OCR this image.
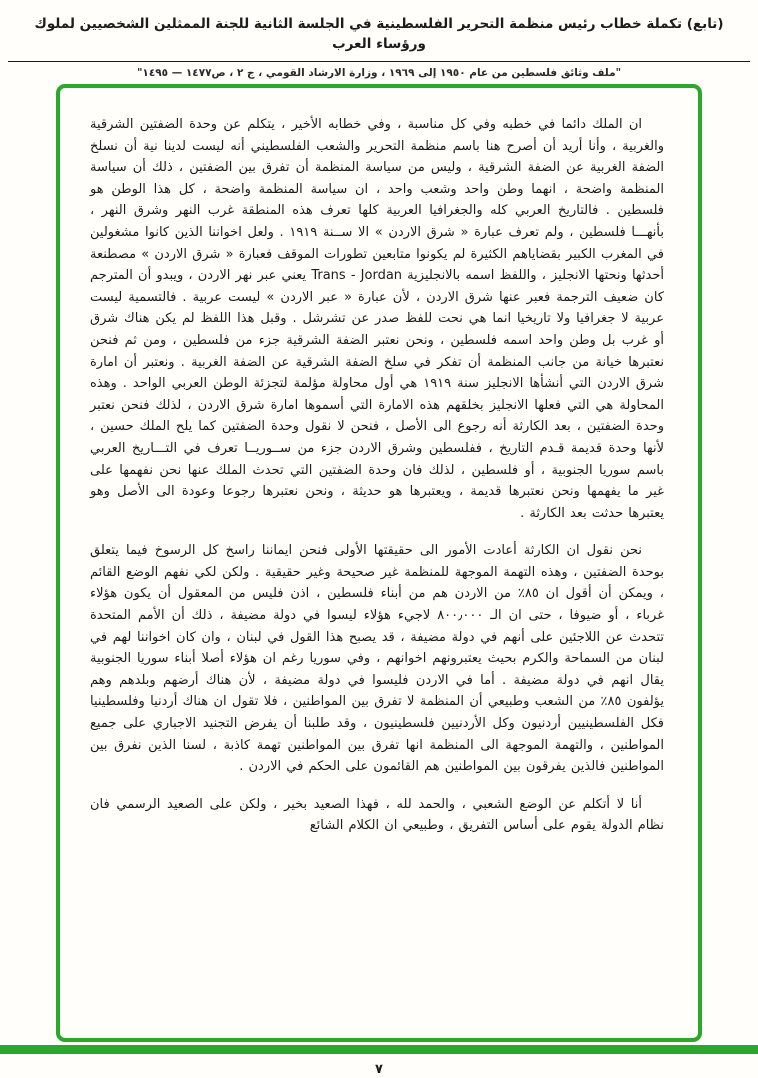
(تابع) تكملة خطاب رئيس منظمة التحرير الفلسطينية في الجلسة الثانية للجنة الممثلين الشخصيين لملوك ورؤساء العرب
"ملف وثائق فلسطين من عام ١٩٥٠ إلى ١٩٦٩ ، وزارة الارشاد القومي ، ج ٢ ، ص١٤٧٧ — ١٤٩٥"

ان الملك دائما في خطبه وفي كل مناسبة ، وفي خطابه الأخير ، يتكلم عن وحدة الضفتين الشرقية والغربية ، وأنا أريد أن أصرح هنا باسم منظمة التحرير والشعب الفلسطيني أنه ليست لدينا نية أن نسلخ الضفة الغربية عن الضفة الشرقية ، وليس من سياسة المنظمة أن تفرق بين الضفتين ، ذلك أن سياسة المنظمة واضحة ، انهما وطن واحد وشعب واحد ، ان سياسة المنظمة واضحة ، كل هذا الوطن هو فلسطين . فالتاريخ العربي كله والجغرافيا العربية كلها تعرف هذه المنطقة غرب النهر وشرق النهر ، بأنهـــا فلسطين ، ولم تعرف عبارة « شرق الاردن » الا ســنة ١٩١٩ . ولعل اخواننا الذين كانوا مشغولين في المغرب الكبير بقضاياهم الكثيرة لم يكونوا متابعين تطورات الموقف فعبارة « شرق الاردن » مصطنعة أحدثها ونحتها الانجليز ، واللفظ اسمه بالانجليزية Trans - Jordan يعني عبر نهر الاردن ، ويبدو أن المترجم كان ضعيف الترجمة فعبر عنها شرق الاردن ، لأن عبارة « عبر الاردن » ليست عربية . فالتسمية ليست عربية لا جغرافيا ولا تاريخيا انما هي نحت للفظ صدر عن تشرشل . وقبل هذا اللفظ لم يكن هناك شرق أو غرب بل وطن واحد اسمه فلسطين ، ونحن نعتبر الضفة الشرقية جزء من فلسطين ، ومن ثم فنحن نعتبرها خيانة من جانب المنظمة أن تفكر في سلخ الضفة الشرقية عن الضفة الغربية . ونعتبر أن امارة شرق الاردن التي أنشأها الانجليز سنة ١٩١٩ هي أول محاولة مؤلمة لتجزئة الوطن العربي الواحد . وهذه المحاولة هي التي فعلها الانجليز بخلقهم هذه الامارة التي أسموها امارة شرق الاردن ، لذلك فنحن نعتبر وحدة الضفتين ، بعد الكارثة أنه رجوع الى الأصل ، فنحن لا نقول وحدة الضفتين كما يلح الملك حسين ، لأنها وحدة قديمة قـدم التاريخ ، ففلسطين وشرق الاردن جزء من ســوريــا تعرف في التـــاريخ العربي باسم سوريا الجنوبية ، أو فلسطين ، لذلك فان وحدة الضفتين التي تحدث الملك عنها نحن نفهمها على غير ما يفهمها ونحن نعتبرها قديمة ، ويعتبرها هو حديثة ، ونحن نعتبرها رجوعا وعودة الى الأصل وهو يعتبرها حدثت بعد الكارثة .

نحن نقول ان الكارثة أعادت الأمور الى حقيقتها الأولى فنحن ايماننا راسخ كل الرسوخ فيما يتعلق بوحدة الضفتين ، وهذه التهمة الموجهة للمنظمة غير صحيحة وغير حقيقية . ولكن لكي نفهم الوضع القائم ، ويمكن أن أقول ان ٨٥٪ من الاردن هم من أبناء فلسطين ، اذن فليس من المعقول أن يكون هؤلاء غرباء ، أو ضيوفا ، حتى ان الـ ٨٠٠٫٠٠٠ لاجيء هؤلاء ليسوا في دولة مضيفة ، ذلك أن الأمم المتحدة تتحدث عن اللاجئين على أنهم في دولة مضيفة ، قد يصبح هذا القول في لبنان ، وان كان اخواننا لهم في لبنان من السماحة والكرم بحيث يعتبرونهم اخوانهم ، وفي سوريا رغم ان هؤلاء أصلا أبناء سوريا الجنوبية يقال انهم في دولة مضيفة . أما في الاردن فليسوا في دولة مضيفة ، لأن هناك أرضهم وبلدهم وهم يؤلفون ٨٥٪ من الشعب وطبيعي أن المنظمة لا تفرق بين المواطنين ، فلا تقول ان هناك أردنيا وفلسطينيا فكل الفلسطينيين أردنيون وكل الأردنيين فلسطينيون ، وقد طلبنا أن يفرض التجنيد الاجباري على جميع المواطنين ، والتهمة الموجهة الى المنظمة انها تفرق بين المواطنين تهمة كاذبة ، لسنا الذين نفرق بين المواطنين فالذين يفرقون بين المواطنين هم القائمون على الحكم في الاردن .

أنا لا أتكلم عن الوضع الشعبي ، والحمد لله ، فهذا الصعيد بخير ، ولكن على الصعيد الرسمي فان نظام الدولة يقوم على أساس التفريق ، وطبيعي ان الكلام الشائع

٧
